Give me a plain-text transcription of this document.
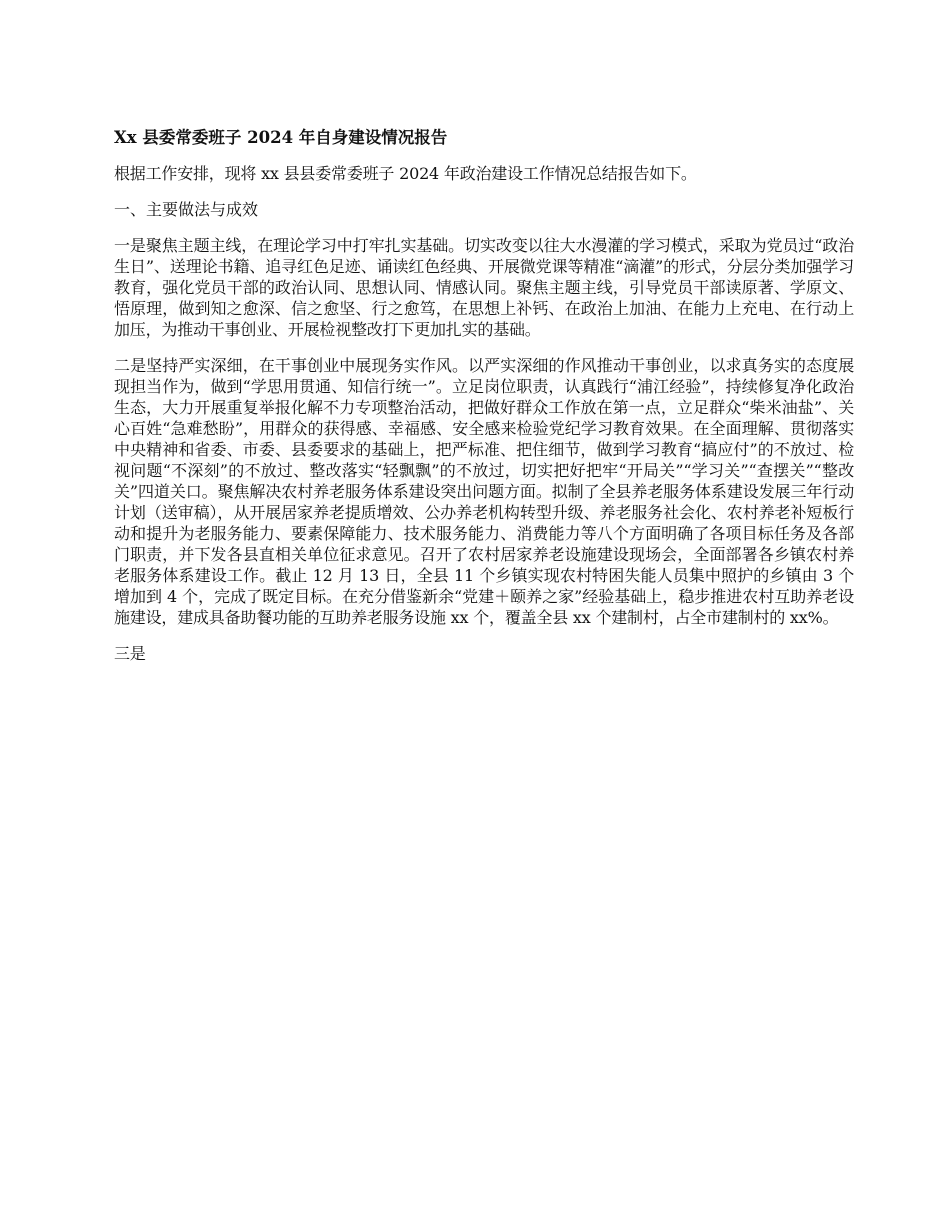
Xx 县委常委班子 2024 年自身建设情况报告
根据工作安排，现将 xx 县县委常委班子 2024 年政治建设工作情况总结报告如下。
一、主要做法与成效
一是聚焦主题主线，在理论学习中打牢扎实基础。切实改变以往大水漫灌的学习模式，采取为党员过“政治生日”、送理论书籍、追寻红色足迹、诵读红色经典、开展微党课等精准“滴灌”的形式，分层分类加强学习教育，强化党员干部的政治认同、思想认同、情感认同。聚焦主题主线，引导党员干部读原著、学原文、悟原理，做到知之愈深、信之愈坚、行之愈笃，在思想上补钙、在政治上加油、在能力上充电、在行动上加压，为推动干事创业、开展检视整改打下更加扎实的基础。
二是坚持严实深细，在干事创业中展现务实作风。以严实深细的作风推动干事创业，以求真务实的态度展现担当作为，做到“学思用贯通、知信行统一”。立足岗位职责，认真践行“浦江经验”，持续修复净化政治生态，大力开展重复举报化解不力专项整治活动，把做好群众工作放在第一点，立足群众“柴米油盐”、关心百姓“急难愁盼”，用群众的获得感、幸福感、安全感来检验党纪学习教育效果。在全面理解、贯彻落实中央精神和省委、市委、县委要求的基础上，把严标准、把住细节，做到学习教育“搞应付”的不放过、检视问题“不深刻”的不放过、整改落实“轻飘飘”的不放过，切实把好把牢“开局关”“学习关”“查摆关”“整改关”四道关口。聚焦解决农村养老服务体系建设突出问题方面。拟制了全县养老服务体系建设发展三年行动计划（送审稿），从开展居家养老提质增效、公办养老机构转型升级、养老服务社会化、农村养老补短板行动和提升为老服务能力、要素保障能力、技术服务能力、消费能力等八个方面明确了各项目标任务及各部门职责，并下发各县直相关单位征求意见。召开了农村居家养老设施建设现场会，全面部署各乡镇农村养老服务体系建设工作。截止 12 月 13 日，全县 11 个乡镇实现农村特困失能人员集中照护的乡镇由 3 个增加到 4 个，完成了既定目标。在充分借鉴新余“党建＋颐养之家”经验基础上，稳步推进农村互助养老设施建设，建成具备助餐功能的互助养老服务设施 xx 个，覆盖全县 xx 个建制村，占全市建制村的 xx%。
三是
